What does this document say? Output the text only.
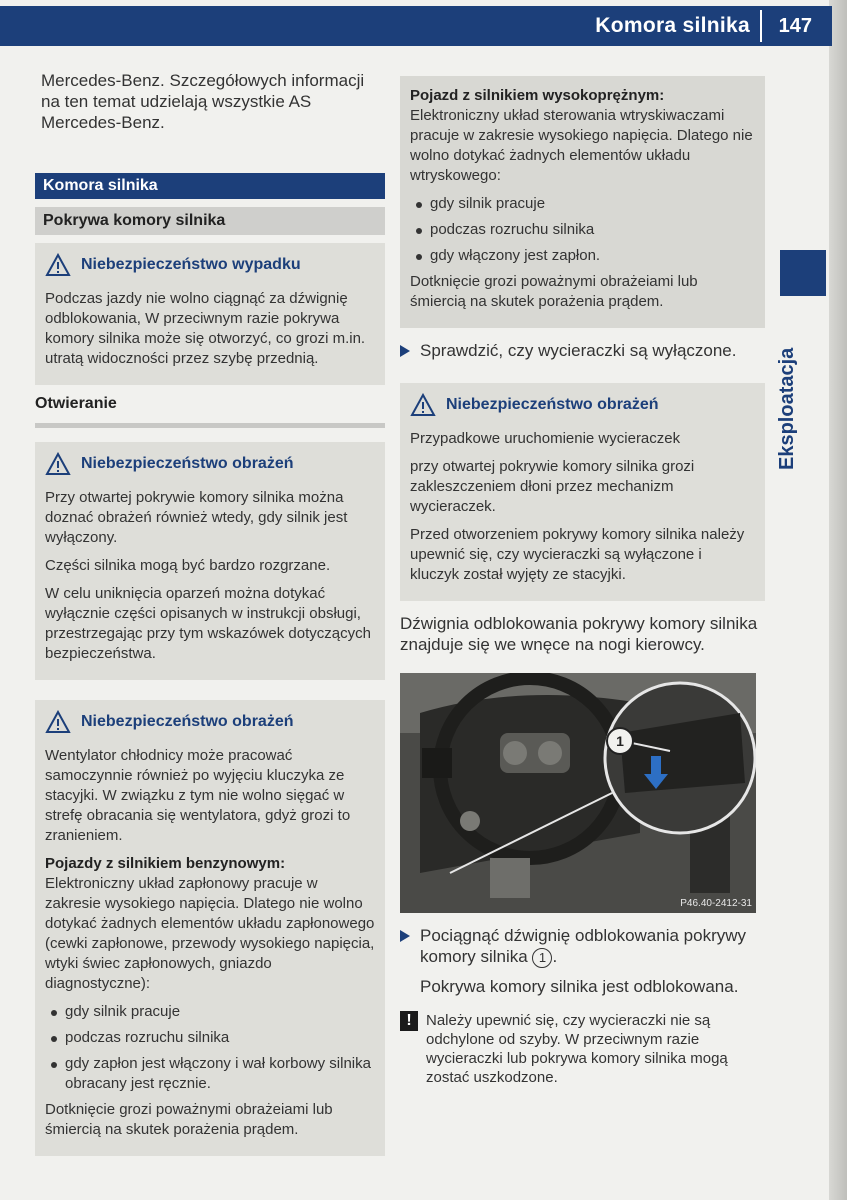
Komora silnika 147
Eksploatacja
Mercedes-Benz. Szczegółowych informacji na ten temat udzielają wszystkie AS Mercedes-Benz.
Komora silnika
Pokrywa komory silnika
Niebezpieczeństwo wypadku

Podczas jazdy nie wolno ciągnąć za dźwignię odblokowania, W przeciwnym razie pokrywa komory silnika może się otworzyć, co grozi m.in. utratą widoczności przez szybę przednią.

Otwieranie
Niebezpieczeństwo obrażeń

Przy otwartej pokrywie komory silnika można doznać obrażeń również wtedy, gdy silnik jest wyłączony.

Części silnika mogą być bardzo rozgrzane.

W celu uniknięcia oparzeń można dotykać wyłącznie części opisanych w instrukcji obsługi, przestrzegając przy tym wskazówek dotyczących bezpieczeństwa.

Niebezpieczeństwo obrażeń

Wentylator chłodnicy może pracować samoczynnie również po wyjęciu kluczyka ze stacyjki. W związku z tym nie wolno sięgać w strefę obracania się wentylatora, gdyż grozi to zranieniem.

Pojazdy z silnikiem benzynowym:

Elektroniczny układ zapłonowy pracuje w zakresie wysokiego napięcia. Dlatego nie wolno dotykać żadnych elementów układu zapłonowego (cewki zapłonowe, przewody wysokiego napięcia, wtyki świec zapłonowych, gniazdo diagnostyczne):

gdy silnik pracuje
podczas rozruchu silnika
gdy zapłon jest włączony i wał korbowy silnika obracany jest ręcznie.

Dotknięcie grozi poważnymi obrażeiami lub śmiercią na skutek porażenia prądem.

Pojazd z silnikiem wysokoprężnym:

Elektroniczny układ sterowania wtryskiwaczami pracuje w zakresie wysokiego napięcia. Dlatego nie wolno dotykać żadnych elementów układu wtryskowego:

gdy silnik pracuje
podczas rozruchu silnika
gdy włączony jest zapłon.

Dotknięcie grozi poważnymi obrażeiami lub śmiercią na skutek porażenia prądem.

Sprawdzić, czy wycieraczki są wyłączone.
Niebezpieczeństwo obrażeń

Przypadkowe uruchomienie wycieraczek

przy otwartej pokrywie komory silnika grozi zakleszczeniem dłoni przez mechanizm wycieraczek.

Przed otworzeniem pokrywy komory silnika należy upewnić się, czy wycieraczki są wyłączone i kluczyk został wyjęty ze stacyjki.

Dźwignia odblokowania pokrywy komory silnika znajduje się we wnęce na nogi kierowcy.
1
P46.40-2412-31
Pociągnąć dźwignię odblokowania pokrywy komory silnika 1 .
Pokrywa komory silnika jest odblokowana.
! Należy upewnić się, czy wycieraczki nie są odchylone od szyby. W przeciwnym razie wycieraczki lub pokrywa komory silnika mogą zostać uszkodzone.
